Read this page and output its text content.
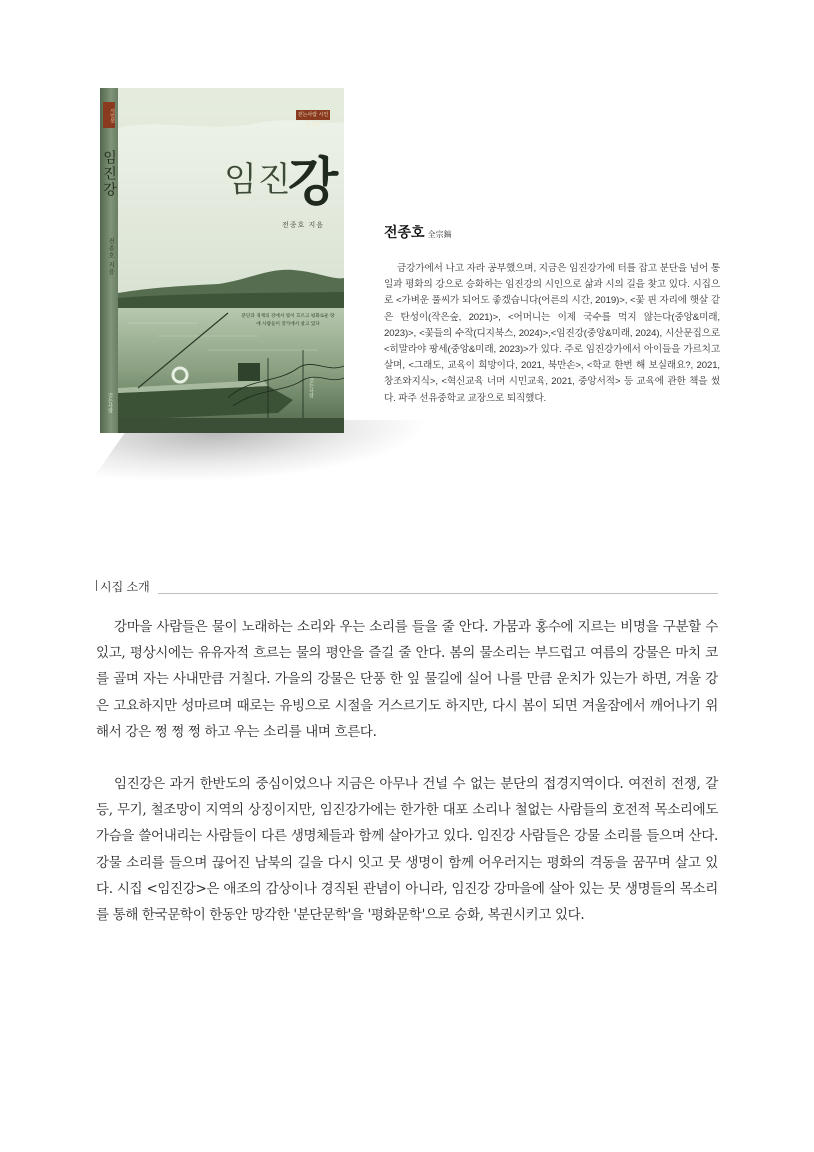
시인선
임진강
전종호 지음
걷는사람
걷는사람 시인선 103
임진
강
전종호 지음
분단과 경계의 강에서 빛이 흐르고 평화로운 땅에 사람들이 강가에서 살고 있다
걷는사람
전종호 全宗鎬

금강가에서 나고 자라 공부했으며, 지금은 임진강가에 터를 잡고 분단을 넘어 통일과 평화의 강으로 승화하는 임진강의 시인으로 삶과 시의 길을 찾고 있다. 시집으로 <가벼운 풀씨가 되어도 좋겠습니다(어른의 시간, 2019)>, <꽃 핀 자리에 햇살 같은 탄성이(작은숲, 2021)>, <어머니는 이제 국수를 먹지 않는다(중앙&미래, 2023)>, <꽃들의 수작(디지북스, 2024)>,<임진강(중앙&미래, 2024), 시산문집으로 <히말라야 팡세(중앙&미래, 2023)>가 있다. 주로 임진강가에서 아이들을 가르치고 살며, <그래도, 교육이 희망이다, 2021, 북만손>, <학교 한번 해 보실래요?, 2021, 창조와지식>, <혁신교육 너머 시민교육, 2021, 중앙서적> 등 교육에 관한 책을 썼다. 파주 선유중학교 교장으로 퇴직했다.

시집 소개

강마을 사람들은 물이 노래하는 소리와 우는 소리를 들을 줄 안다. 가뭄과 홍수에 지르는 비명을 구분할 수 있고, 평상시에는 유유자적 흐르는 물의 평안을 즐길 줄 안다. 봄의 물소리는 부드럽고 여름의 강물은 마치 코를 골며 자는 사내만큼 거칠다. 가을의 강물은 단풍 한 잎 물길에 실어 나를 만큼 운치가 있는가 하면, 겨울 강은 고요하지만 성마르며 때로는 유빙으로 시절을 거스르기도 하지만, 다시 봄이 되면 겨울잠에서 깨어나기 위해서 강은 쩡 쩡 쩡 하고 우는 소리를 내며 흐른다.

임진강은 과거 한반도의 중심이었으나 지금은 아무나 건널 수 없는 분단의 접경지역이다. 여전히 전쟁, 갈등, 무기, 철조망이 지역의 상징이지만, 임진강가에는 한가한 대포 소리나 철없는 사람들의 호전적 목소리에도 가슴을 쓸어내리는 사람들이 다른 생명체들과 함께 살아가고 있다. 임진강 사람들은 강물 소리를 들으며 산다. 강물 소리를 들으며 끊어진 남북의 길을 다시 잇고 뭇 생명이 함께 어우러지는 평화의 격동을 꿈꾸며 살고 있다. 시집 <임진강>은 애조의 감상이나 경직된 관념이 아니라, 임진강 강마을에 살아 있는 뭇 생명들의 목소리를 통해 한국문학이 한동안 망각한 '분단문학'을 '평화문학'으로 승화, 복권시키고 있다.
